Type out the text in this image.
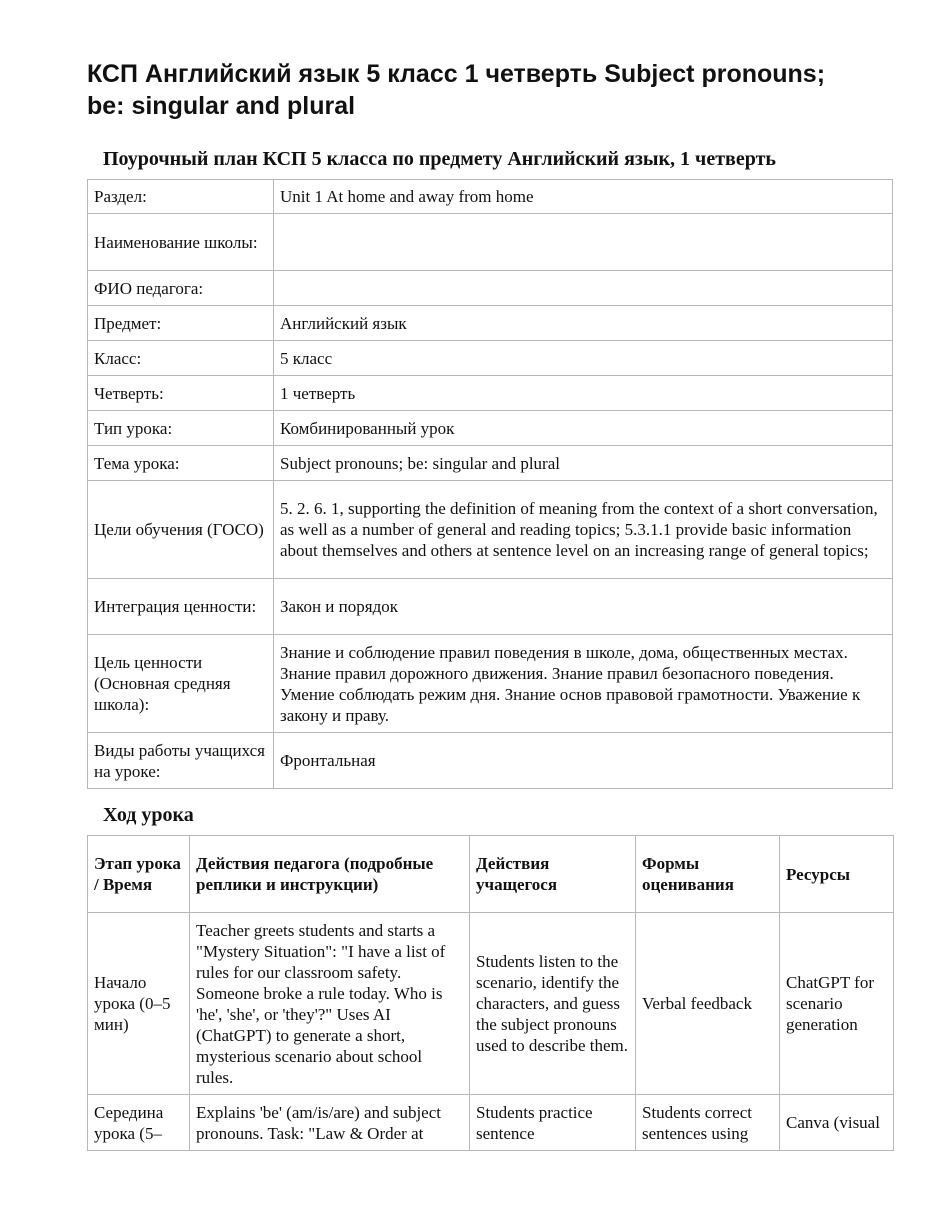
КСП Английский язык 5 класс 1 четверть Subject pronouns; be: singular and plural
Поурочный план КСП 5 класса по предмету Английский язык, 1 четверть
Раздел:	Unit 1 At home and away from home
Наименование школы:	
ФИО педагога:	
Предмет:	Английский язык
Класс:	5 класс
Четверть:	1 четверть
Тип урока:	Комбинированный урок
Тема урока:	Subject pronouns; be: singular and plural
Цели обучения (ГОСО)	5. 2. 6. 1, supporting the definition of meaning from the context of a short conversation, as well as a number of general and reading topics; 5.3.1.1 provide basic information about themselves and others at sentence level on an increasing range of general topics;
Интеграция ценности:	Закон и порядок
Цель ценности (Основная средняя школа):	Знание и соблюдение правил поведения в школе, дома, общественных местах. Знание правил дорожного движения. Знание правил безопасного поведения. Умение соблюдать режим дня. Знание основ правовой грамотности. Уважение к закону и праву.
Виды работы учащихся на уроке:	Фронтальная
Ход урока
Этап урока / Время	Действия педагога (подробные реплики и инструкции)	Действия учащегося	Формы оценивания	Ресурсы
Начало урока (0–5 мин)	Teacher greets students and starts a "Mystery Situation": "I have a list of rules for our classroom safety. Someone broke a rule today. Who is 'he', 'she', or 'they'?" Uses AI (ChatGPT) to generate a short, mysterious scenario about school rules.	Students listen to the scenario, identify the characters, and guess the subject pronouns used to describe them.	Verbal feedback	ChatGPT for scenario generation
Середина урока (5–	Explains 'be' (am/is/are) and subject pronouns. Task: "Law & Order at	Students practice sentence	Students correct sentences using	Canva (visual
